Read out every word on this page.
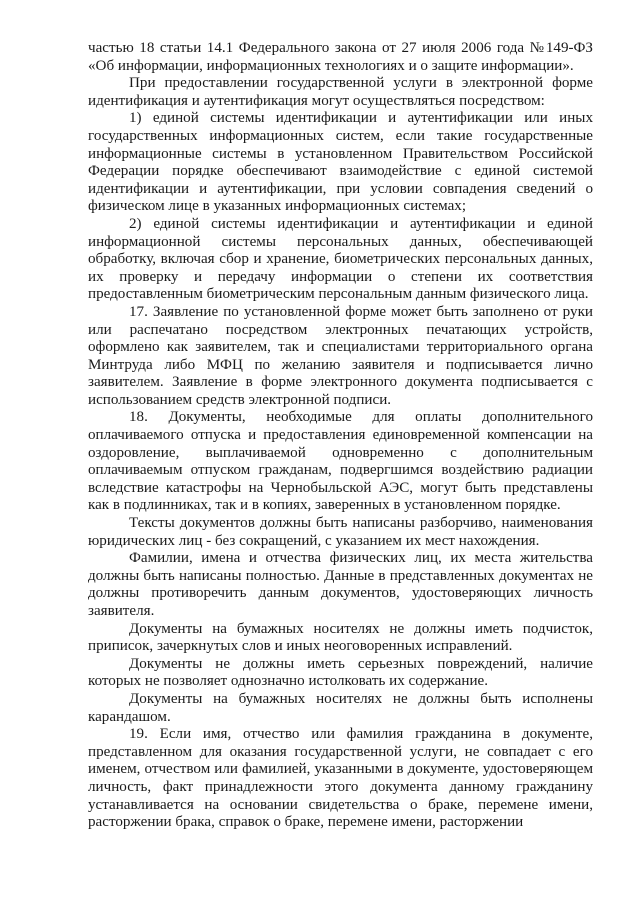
частью 18 статьи 14.1 Федерального закона от 27 июля 2006 года №149-ФЗ «Об информации, информационных технологиях и о защите информации».

При предоставлении государственной услуги в электронной форме идентификация и аутентификация могут осуществляться посредством:

1) единой системы идентификации и аутентификации или иных государственных информационных систем, если такие государственные информационные системы в установленном Правительством Российской Федерации порядке обеспечивают взаимодействие с единой системой идентификации и аутентификации, при условии совпадения сведений о физическом лице в указанных информационных системах;

2) единой системы идентификации и аутентификации и единой информационной системы персональных данных, обеспечивающей обработку, включая сбор и хранение, биометрических персональных данных, их проверку и передачу информации о степени их соответствия предоставленным биометрическим персональным данным физического лица.

17. Заявление по установленной форме может быть заполнено от руки или распечатано посредством электронных печатающих устройств, оформлено как заявителем, так и специалистами территориального органа Минтруда либо МФЦ по желанию заявителя и подписывается лично заявителем. Заявление в форме электронного документа подписывается с использованием средств электронной подписи.

18. Документы, необходимые для оплаты дополнительного оплачиваемого отпуска и предоставления единовременной компенсации на оздоровление, выплачиваемой одновременно с дополнительным оплачиваемым отпуском гражданам, подвергшимся воздействию радиации вследствие катастрофы на Чернобыльской АЭС, могут быть представлены как в подлинниках, так и в копиях, заверенных в установленном порядке.

Тексты документов должны быть написаны разборчиво, наименования юридических лиц - без сокращений, с указанием их мест нахождения.

Фамилии, имена и отчества физических лиц, их места жительства должны быть написаны полностью. Данные в представленных документах не должны противоречить данным документов, удостоверяющих личность заявителя.

Документы на бумажных носителях не должны иметь подчисток, приписок, зачеркнутых слов и иных неоговоренных исправлений.

Документы не должны иметь серьезных повреждений, наличие которых не позволяет однозначно истолковать их содержание.

Документы на бумажных носителях не должны быть исполнены карандашом.

19. Если имя, отчество или фамилия гражданина в документе, представленном для оказания государственной услуги, не совпадает с его именем, отчеством или фамилией, указанными в документе, удостоверяющем личность, факт принадлежности этого документа данному гражданину устанавливается на основании свидетельства о браке, перемене имени, расторжении брака, справок о браке, перемене имени, расторжении
